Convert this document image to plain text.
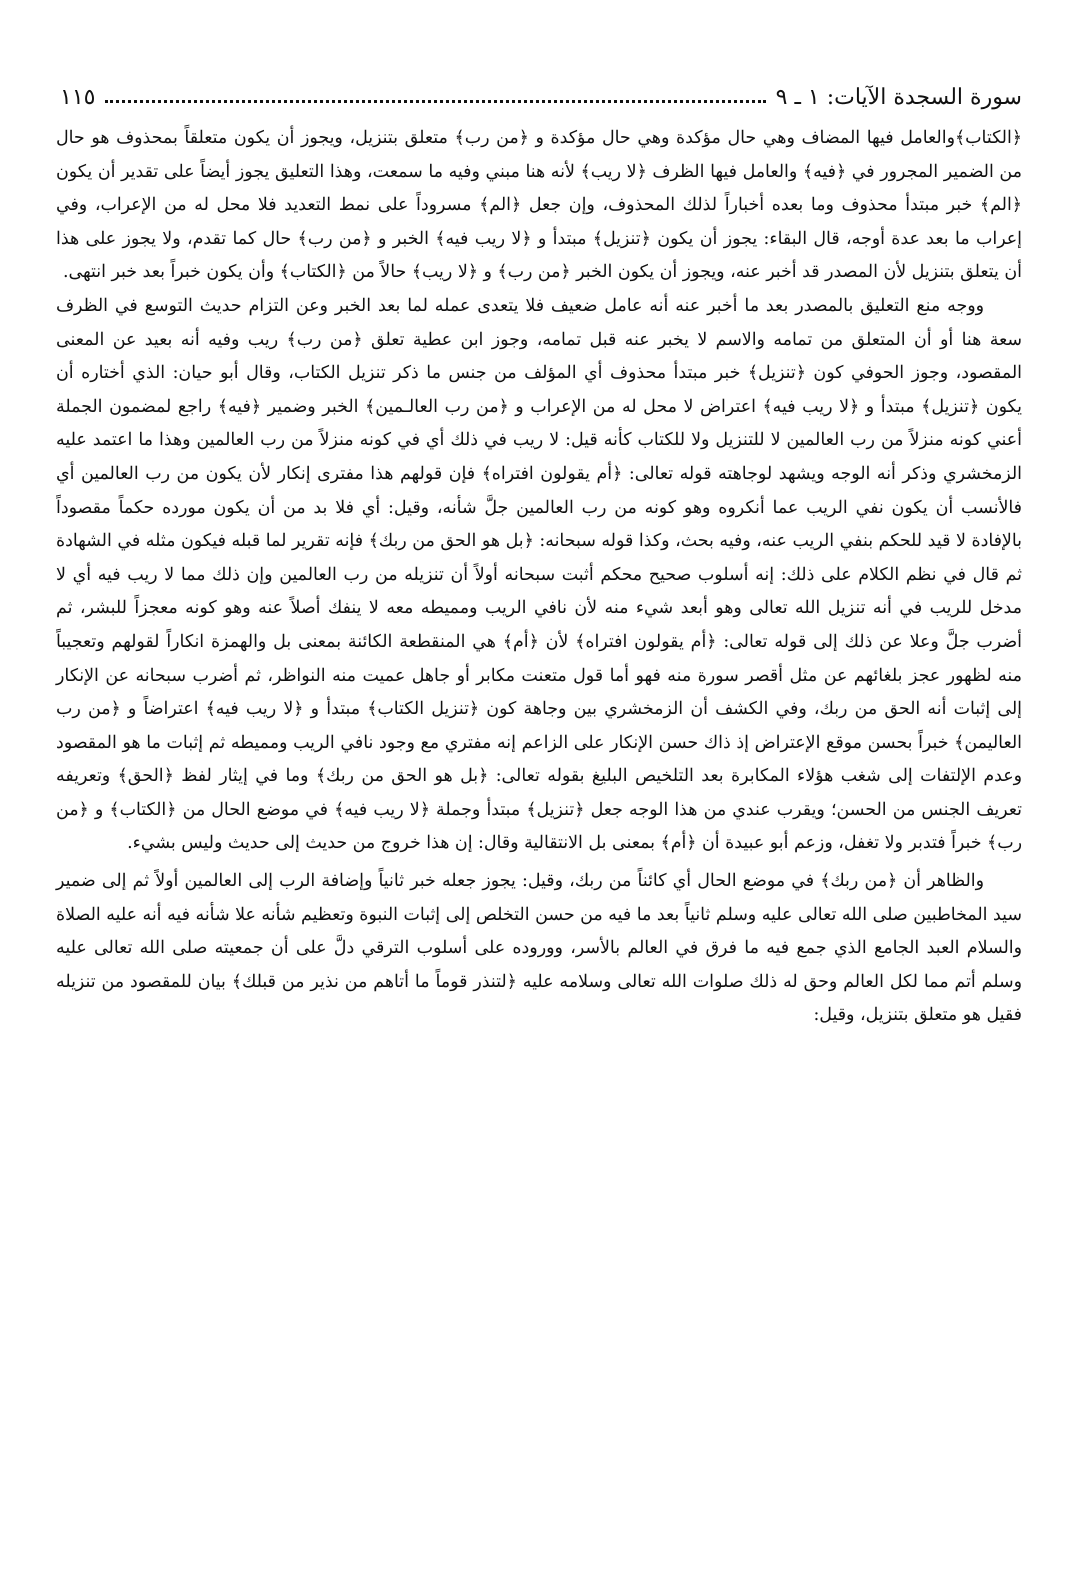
سورة السجدة الآيات: ١ ـ ٩
١١٥

﴿الكتاب﴾والعامل فيها المضاف وهي حال مؤكدة وهي حال مؤكدة و ﴿من رب﴾ متعلق بتنزيل، ويجوز أن يكون متعلقاً بمحذوف هو حال من الضمير المجرور في ﴿فيه﴾ والعامل فيها الظرف ﴿لا ريب﴾ لأنه هنا مبني وفيه ما سمعت، وهذا التعليق يجوز أيضاً على تقدير أن يكون ﴿الم﴾ خبر مبتدأ محذوف وما بعده أخباراً لذلك المحذوف، وإن جعل ﴿الم﴾ مسروداً على نمط التعديد فلا محل له من الإعراب، وفي إعراب ما بعد عدة أوجه، قال البقاء: يجوز أن يكون ﴿تنزيل﴾ مبتدأ و ﴿لا ريب فيه﴾ الخبر و ﴿من رب﴾ حال كما تقدم، ولا يجوز على هذا أن يتعلق بتنزيل لأن المصدر قد أخبر عنه، ويجوز أن يكون الخبر ﴿من رب﴾ و ﴿لا ريب﴾ حالاً من ﴿الكتاب﴾ وأن يكون خبراً بعد خبر انتهى.

ووجه منع التعليق بالمصدر بعد ما أخبر عنه أنه عامل ضعيف فلا يتعدى عمله لما بعد الخبر وعن التزام حديث التوسع في الظرف سعة هنا أو أن المتعلق من تمامه والاسم لا يخبر عنه قبل تمامه، وجوز ابن عطية تعلق ﴿من رب﴾ ريب وفيه أنه بعيد عن المعنى المقصود، وجوز الحوفي كون ﴿تنزيل﴾ خبر مبتدأ محذوف أي المؤلف من جنس ما ذكر تنزيل الكتاب، وقال أبو حيان: الذي أختاره أن يكون ﴿تنزيل﴾ مبتدأ و ﴿لا ريب فيه﴾ اعتراض لا محل له من الإعراب و ﴿من رب العالـمين﴾ الخبر وضمير ﴿فيه﴾ راجع لمضمون الجملة أعني كونه منزلاً من رب العالمين لا للتنزيل ولا للكتاب كأنه قيل: لا ريب في ذلك أي في كونه منزلاً من رب العالمين وهذا ما اعتمد عليه الزمخشري وذكر أنه الوجه ويشهد لوجاهته قوله تعالى: ﴿أم يقولون افتراه﴾ فإن قولهم هذا مفترى إنكار لأن يكون من رب العالمين أي فالأنسب أن يكون نفي الريب عما أنكروه وهو كونه من رب العالمين جلَّ شأنه، وقيل: أي فلا بد من أن يكون مورده حكماً مقصوداً بالإفادة لا قيد للحكم بنفي الريب عنه، وفيه بحث، وكذا قوله سبحانه: ﴿بل هو الحق من ربك﴾ فإنه تقرير لما قبله فيكون مثله في الشهادة ثم قال في نظم الكلام على ذلك: إنه أسلوب صحيح محكم أثبت سبحانه أولاً أن تنزيله من رب العالمين وإن ذلك مما لا ريب فيه أي لا مدخل للريب في أنه تنزيل الله تعالى وهو أبعد شيء منه لأن نافي الريب ومميطه معه لا ينفك أصلاً عنه وهو كونه معجزاً للبشر، ثم أضرب جلَّ وعلا عن ذلك إلى قوله تعالى: ﴿أم يقولون افتراه﴾ لأن ﴿أم﴾ هي المنقطعة الكائنة بمعنى بل والهمزة انكاراً لقولهم وتعجيباً منه لظهور عجز بلغائهم عن مثل أقصر سورة منه فهو أما قول متعنت مكابر أو جاهل عميت منه النواظر، ثم أضرب سبحانه عن الإنكار إلى إثبات أنه الحق من ربك، وفي الكشف أن الزمخشري بين وجاهة كون ﴿تنزيل الكتاب﴾ مبتدأ و ﴿لا ريب فيه﴾ اعتراضاً و ﴿من رب العاليمن﴾ خبراً بحسن موقع الإعتراض إذ ذاك حسن الإنكار على الزاعم إنه مفتري مع وجود نافي الريب ومميطه ثم إثبات ما هو المقصود وعدم الإلتفات إلى شغب هؤلاء المكابرة بعد التلخيص البليغ بقوله تعالى: ﴿بل هو الحق من ربك﴾ وما في إيثار لفظ ﴿الحق﴾ وتعريفه تعريف الجنس من الحسن؛ ويقرب عندي من هذا الوجه جعل ﴿تنزيل﴾ مبتدأ وجملة ﴿لا ريب فيه﴾ في موضع الحال من ﴿الكتاب﴾ و ﴿من رب﴾ خبراً فتدبر ولا تغفل، وزعم أبو عبيدة أن ﴿أم﴾ بمعنى بل الانتقالية وقال: إن هذا خروج من حديث إلى حديث وليس بشيء.

والظاهر أن ﴿من ربك﴾ في موضع الحال أي كائناً من ربك، وقيل: يجوز جعله خبر ثانياً وإضافة الرب إلى العالمين أولاً ثم إلى ضمير سيد المخاطبين صلى الله تعالى عليه وسلم ثانياً بعد ما فيه من حسن التخلص إلى إثبات النبوة وتعظيم شأنه علا شأنه فيه أنه عليه الصلاة والسلام العبد الجامع الذي جمع فيه ما فرق في العالم بالأسر، ووروده على أسلوب الترقي دلَّ على أن جمعيته صلى الله تعالى عليه وسلم أتم مما لكل العالم وحق له ذلك صلوات الله تعالى وسلامه عليه ﴿لتنذر قوماً ما أتاهم من نذير من قبلك﴾ بيان للمقصود من تنزيله فقيل هو متعلق بتنزيل، وقيل:
